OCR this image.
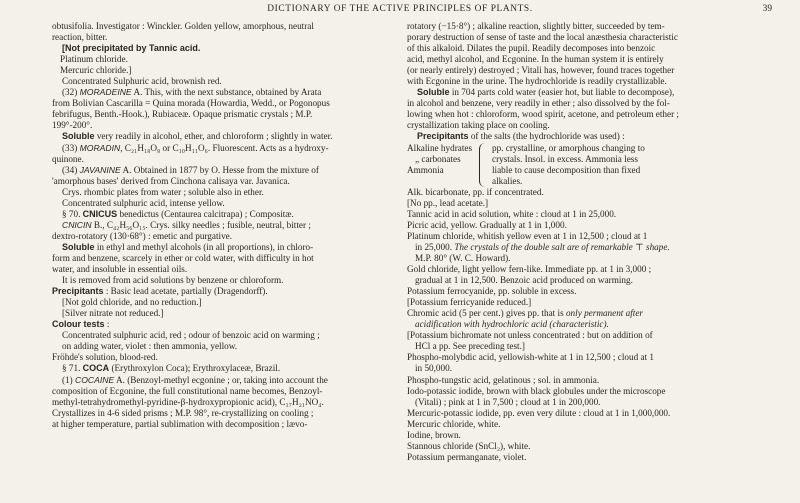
DICTIONARY OF THE ACTIVE PRINCIPLES OF PLANTS.	39

obtusifolia. Investigator : Winckler. Golden yellow, amorphous, neutral

reaction, bitter.

[Not precipitated by Tannic acid.

Platinum chloride.

Mercuric chloride.]

Concentrated Sulphuric acid, brownish red.

(32) MORADEINE A. This, with the next substance, obtained by Arata

from Bolivian Cascarilla = Quina morada (Howardia, Wedd., or Pogonopus

febrifugus, Benth.-Hook.), Rubiaceæ. Opaque prismatic crystals ; M.P.

199°-200°.

Soluble very readily in alcohol, ether, and chloroform ; slightly in water.

(33) MORADIN, C₂₁H₁₈O₈ or C₁₀H₁₁O₆. Fluorescent. Acts as a hydroxy-

quinone.

(34) JAVANINE A. Obtained in 1877 by O. Hesse from the mixture of

'amorphous bases' derived from Cinchona calisaya var. Javanica.

Crys. rhombic plates from water ; soluble also in ether.

Concentrated sulphuric acid, intense yellow.

§ 70. CNICUS benedictus (Centaurea calcitrapa) ; Compositæ.

CNICIN B., C₄₂H₅₆O₁₅. Crys. silky needles ; fusible, neutral, bitter ;

dextro-rotatory (130·68°) : emetic and purgative.

Soluble in ethyl and methyl alcohols (in all proportions), in chloro-

form and benzene, scarcely in ether or cold water, with difficulty in hot

water, and insoluble in essential oils.

It is removed from acid solutions by benzene or chloroform.

Precipitants : Basic lead acetate, partially (Dragendorff).

[Not gold chloride, and no reduction.]

[Silver nitrate not reduced.]

Colour tests :

Concentrated sulphuric acid, red ; odour of benzoic acid on warming ;

on adding water, violet : then ammonia, yellow.

Fröhde's solution, blood-red.

§ 71. COCA (Erythroxylon Coca); Erythroxylaceæ, Brazil.

(1) COCAINE A. (Benzoyl-methyl ecgonine ; or, taking into account the

composition of Ecgonine, the full constitutional name becomes, Benzoyl-

methyl-tetrahydromethyl-pyridine-β-hydroxypropionic acid), C₁₇H₂₁NO₄.

Crystallizes in 4-6 sided prisms ; M.P. 98°, re-crystallizing on cooling ;

at higher temperature, partial sublimation with decomposition ; lævo-

rotatory (−15·8°) ; alkaline reaction, slightly bitter, succeeded by tem-

porary destruction of sense of taste and the local anæsthesia characteristic

of this alkaloid. Dilates the pupil. Readily decomposes into benzoic

acid, methyl alcohol, and Ecgonine. In the human system it is entirely

(or nearly entirely) destroyed ; Vitali has, however, found traces together

with Ecgonine in the urine. The hydrochloride is readily crystallizable.

Soluble in 704 parts cold water (easier hot, but liable to decompose),

in alcohol and benzene, very readily in ether ; also dissolved by the fol-

lowing when hot : chloroform, wood spirit, acetone, and petroleum ether ;

crystallization taking place on cooling.

Precipitants of the salts (the hydrochloride was used) :

Alkaline hydrates
„ carbonates
Ammonia

pp. crystalline, or amorphous changing to
crystals. Insol. in excess. Ammonia less
liable to cause decomposition than fixed
alkalies.

Alk. bicarbonate, pp. if concentrated.

[No pp., lead acetate.]

Tannic acid in acid solution, white : cloud at 1 in 25,000.

Picric acid, yellow. Gradually at 1 in 1,000.

Platinum chloride, whitish yellow even at 1 in 12,500 ; cloud at 1

in 25,000. The crystals of the double salt are of remarkable ⊤ shape.

M.P. 80° (W. C. Howard).

Gold chloride, light yellow fern-like. Immediate pp. at 1 in 3,000 ;

gradual at 1 in 12,500. Benzoic acid produced on warming.

Potassium ferrocyanide, pp. soluble in excess.

[Potassium ferricyanide reduced.]

Chromic acid (5 per cent.) gives pp. that is only permanent after

acidification with hydrochloric acid (characteristic).

[Potassium bichromate not unless concentrated : but on addition of

HCl a pp. See preceding test.]

Phospho-molybdic acid, yellowish-white at 1 in 12,500 ; cloud at 1

in 50,000.

Phospho-tungstic acid, gelatinous ; sol. in ammonia.

Iodo-potassic iodide, brown with black globules under the microscope

(Vitali) ; pink at 1 in 7,500 ; cloud at 1 in 200,000.

Mercuric-potassic iodide, pp. even very dilute : cloud at 1 in 1,000,000.

Mercuric chloride, white.

Iodine, brown.

Stannous chloride (SnCl₂), white.

Potassium permanganate, violet.
